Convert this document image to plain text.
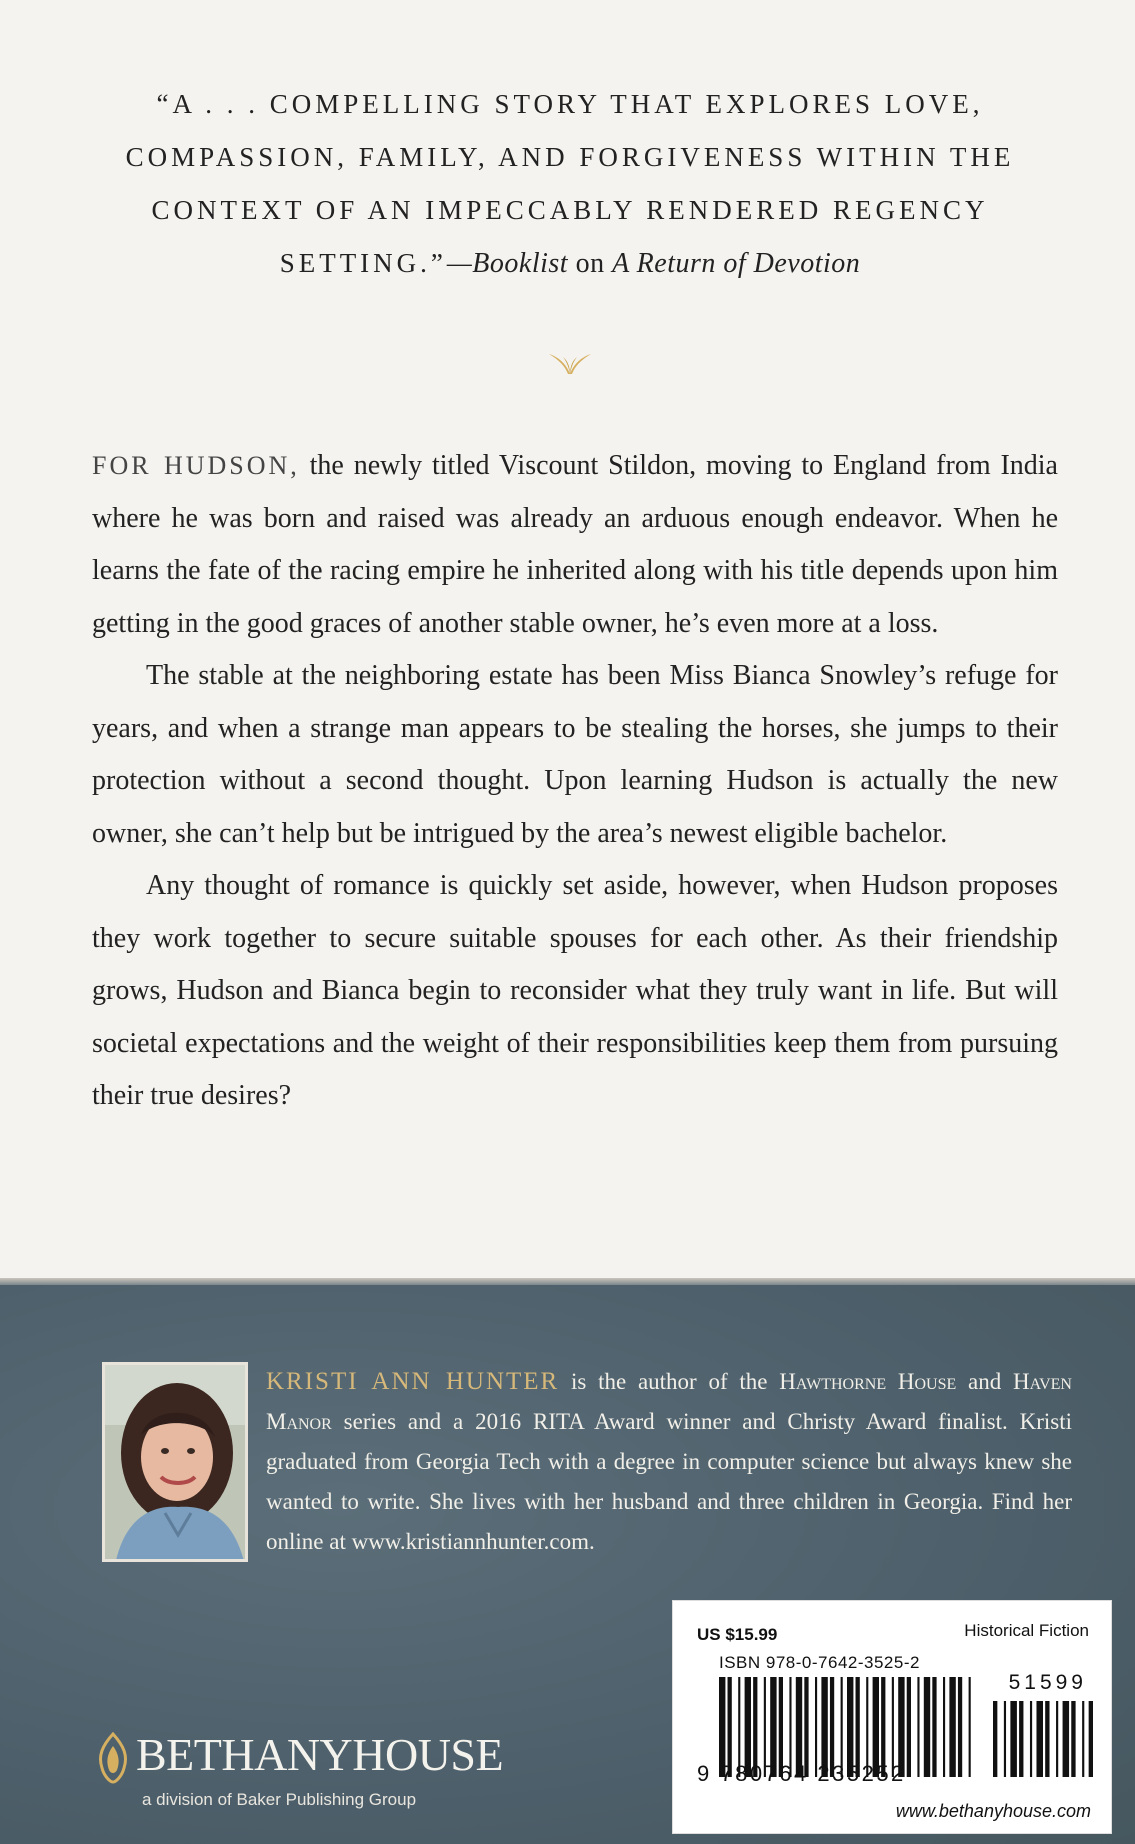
“A . . . COMPELLING STORY THAT EXPLORES LOVE, COMPASSION, FAMILY, AND FORGIVENESS WITHIN THE CONTEXT OF AN IMPECCABLY RENDERED REGENCY SETTING.”—Booklist on A Return of Devotion

FOR HUDSON, the newly titled Viscount Stildon, moving to England from India where he was born and raised was already an arduous enough endeavor. When he learns the fate of the racing empire he inherited along with his title depends upon him getting in the good graces of another stable owner, he’s even more at a loss.

The stable at the neighboring estate has been Miss Bianca Snowley’s refuge for years, and when a strange man appears to be stealing the horses, she jumps to their protection without a second thought. Upon learning Hudson is actually the new owner, she can’t help but be intrigued by the area’s newest eligible bachelor.

Any thought of romance is quickly set aside, however, when Hudson proposes they work together to secure suitable spouses for each other. As their friendship grows, Hudson and Bianca begin to reconsider what they truly want in life. But will societal expectations and the weight of their responsibilities keep them from pursuing their true desires?

KRISTI ANN HUNTER is the author of the Hawthorne House and Haven Manor series and a 2016 RITA Award winner and Christy Award finalist. Kristi graduated from Georgia Tech with a degree in computer science but always knew she wanted to write. She lives with her husband and three children in Georgia. Find her online at www.kristiannhunter.com.
US $15.99	Historical Fiction
ISBN 978-0-7642-3525-2
51599
9 780764 235252
www.bethanyhouse.com
BETHANYHOUSE
a division of Baker Publishing Group
